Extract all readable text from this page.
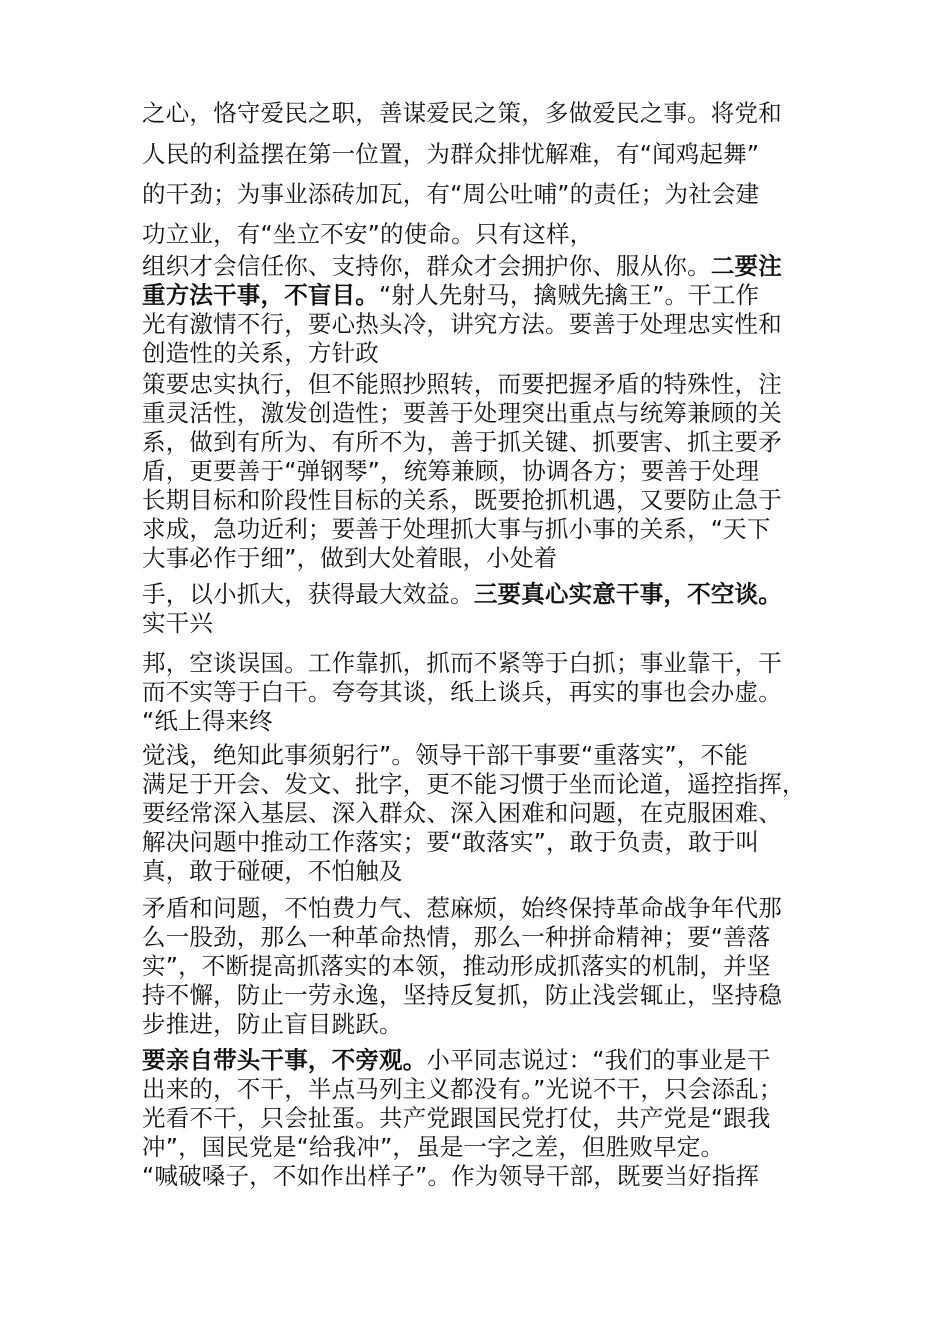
之心，恪守爱民之职，善谋爱民之策，多做爱民之事。将党和
人民的利益摆在第一位置，为群众排忧解难，有“闻鸡起舞”
的干劲；为事业添砖加瓦，有“周公吐哺”的责任；为社会建
功立业，有“坐立不安”的使命。只有这样，
组织才会信任你、支持你，群众才会拥护你、服从你。二要注
重方法干事，不盲目。“射人先射马，擒贼先擒王”。干工作
光有激情不行，要心热头冷，讲究方法。要善于处理忠实性和
创造性的关系，方针政
策要忠实执行，但不能照抄照转，而要把握矛盾的特殊性，注
重灵活性，激发创造性；要善于处理突出重点与统筹兼顾的关
系，做到有所为、有所不为，善于抓关键、抓要害、抓主要矛
盾，更要善于“弹钢琴”，统筹兼顾，协调各方；要善于处理
长期目标和阶段性目标的关系，既要抢抓机遇，又要防止急于
求成，急功近利；要善于处理抓大事与抓小事的关系，“天下
大事必作于细”，做到大处着眼，小处着
手，以小抓大，获得最大效益。三要真心实意干事，不空谈。
实干兴
邦，空谈误国。工作靠抓，抓而不紧等于白抓；事业靠干，干
而不实等于白干。夸夸其谈，纸上谈兵，再实的事也会办虚。
“纸上得来终
觉浅，绝知此事须躬行”。领导干部干事要“重落实”，不能
满足于开会、发文、批字，更不能习惯于坐而论道，遥控指挥，
要经常深入基层、深入群众、深入困难和问题，在克服困难、
解决问题中推动工作落实；要“敢落实”，敢于负责，敢于叫
真，敢于碰硬，不怕触及
矛盾和问题，不怕费力气、惹麻烦，始终保持革命战争年代那
么一股劲，那么一种革命热情，那么一种拼命精神；要“善落
实”，不断提高抓落实的本领，推动形成抓落实的机制，并坚
持不懈，防止一劳永逸，坚持反复抓，防止浅尝辄止，坚持稳
步推进，防止盲目跳跃。
要亲自带头干事，不旁观。小平同志说过：“我们的事业是干
出来的，不干，半点马列主义都没有。”光说不干，只会添乱；
光看不干，只会扯蛋。共产党跟国民党打仗，共产党是“跟我
冲”，国民党是“给我冲”，虽是一字之差，但胜败早定。
“喊破嗓子，不如作出样子”。作为领导干部，既要当好指挥
